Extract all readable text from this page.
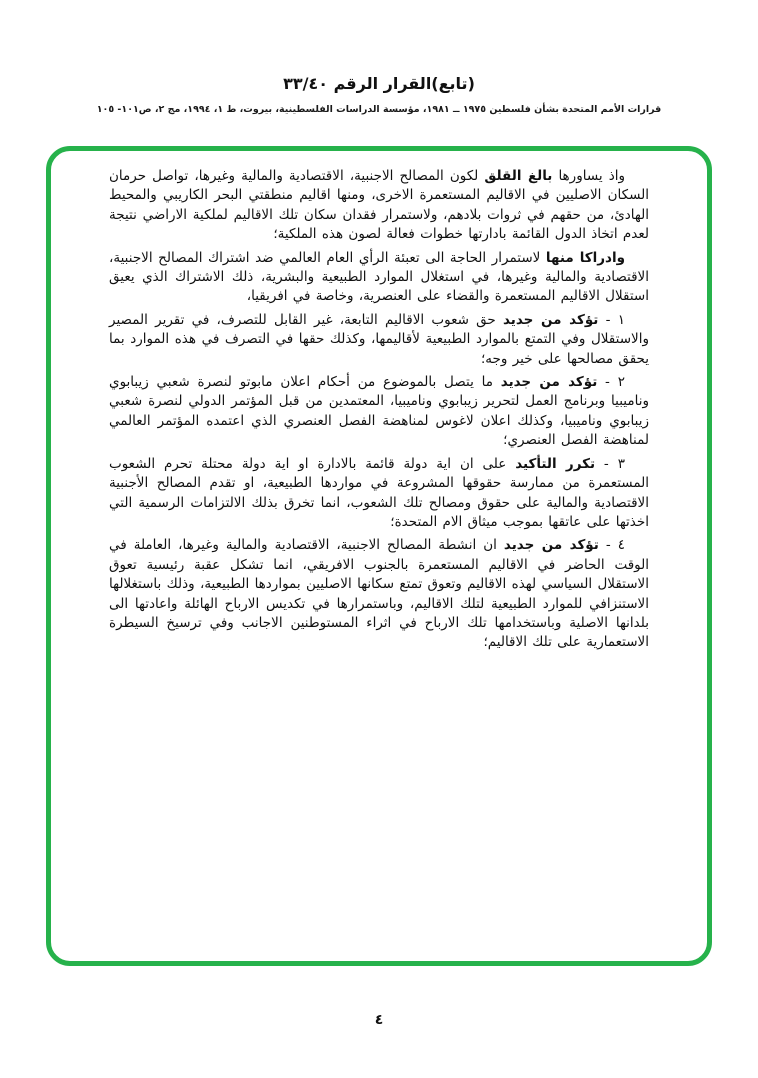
(تابع)القرار الرقم ٣٣/٤٠
قرارات الأمم المتحدة بشأن فلسطين ١٩٧٥ ــ ١٩٨١، مؤسسة الدراسات الفلسطينية، بيروت، ط ١، ١٩٩٤، مج ٢، ص١٠١- ١٠٥

واذ يساورها بالغ القلق لكون المصالح الاجنبية، الاقتصادية والمالية وغيرها، تواصل حرمان السكان الاصليين في الاقاليم المستعمرة الاخرى، ومنها اقاليم منطقتي البحر الكاريبي والمحيط الهادئ، من حقهم في ثروات بلادهم، ولاستمرار فقدان سكان تلك الاقاليم لملكية الاراضي نتيجة لعدم اتخاذ الدول القائمة بادارتها خطوات فعالة لصون هذه الملكية؛

وادراكا منها لاستمرار الحاجة الى تعبئة الرأي العام العالمي ضد اشتراك المصالح الاجنبية، الاقتصادية والمالية وغيرها، في استغلال الموارد الطبيعية والبشرية، ذلك الاشتراك الذي يعيق استقلال الاقاليم المستعمرة والقضاء على العنصرية، وخاصة في افريقيا،

١ - تؤكد من جديد حق شعوب الاقاليم التابعة، غير القابل للتصرف، في تقرير المصير والاستقلال وفي التمتع بالموارد الطبيعية لأقاليمها، وكذلك حقها في التصرف في هذه الموارد بما يحقق مصالحها على خير وجه؛

٢ - تؤكد من جديد ما يتصل بالموضوع من أحكام اعلان مابوتو لنصرة شعبي زيبابوي وناميبيا وبرنامج العمل لتحرير زيبابوي وناميبيا، المعتمدين من قبل المؤتمر الدولي لنصرة شعبي زيبابوي وناميبيا، وكذلك اعلان لاغوس لمناهضة الفصل العنصري الذي اعتمده المؤتمر العالمي لمناهضة الفصل العنصري؛

٣ - تكرر التأكيد على ان اية دولة قائمة بالادارة او اية دولة محتلة تحرم الشعوب المستعمرة من ممارسة حقوقها المشروعة في مواردها الطبيعية، او تقدم المصالح الأجنبية الاقتصادية والمالية على حقوق ومصالح تلك الشعوب، انما تخرق بذلك الالتزامات الرسمية التي اخذتها على عاتقها بموجب ميثاق الام المتحدة؛

٤ - تؤكد من جديد ان انشطة المصالح الاجنبية، الاقتصادية والمالية وغيرها، العاملة في الوقت الحاضر في الاقاليم المستعمرة بالجنوب الافريقي، انما تشكل عقبة رئيسية تعوق الاستقلال السياسي لهذه الاقاليم وتعوق تمتع سكانها الاصليين بمواردها الطبيعية، وذلك باستغلالها الاستنزافي للموارد الطبيعية لتلك الاقاليم، وباستمرارها في تكديس الارباح الهائلة واعادتها الى بلدانها الاصلية وباستخدامها تلك الارباح في اثراء المستوطنين الاجانب وفي ترسيخ السيطرة الاستعمارية على تلك الاقاليم؛

٤
